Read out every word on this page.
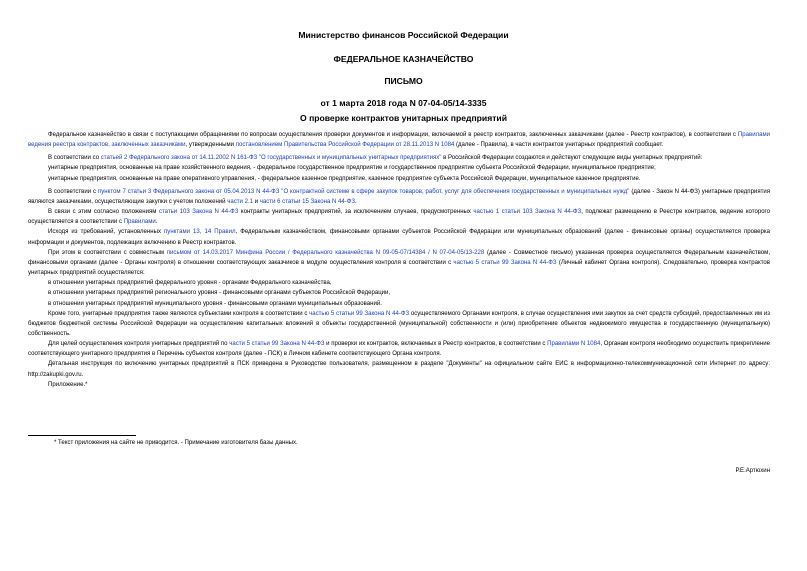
Министерство финансов Российской Федерации
ФЕДЕРАЛЬНОЕ КАЗНАЧЕЙСТВО
ПИСЬМО
от 1 марта 2018 года N 07-04-05/14-3335
О проверке контрактов унитарных предприятий

Федеральное казначейство в связи с поступающими обращениями по вопросам осуществления проверки документов и информации, включаемой в реестр контрактов, заключенных заказчиками (далее - Реестр контрактов), в соответствии с Правилами ведения реестра контрактов, заключенных заказчиками, утвержденными постановлением Правительства Российской Федерации от 28.11.2013 N 1084 (далее - Правила), в части контрактов унитарных предприятий сообщает.

В соответствии со статьей 2 Федерального закона от 14.11.2002 N 161-ФЗ "О государственных и муниципальных унитарных предприятиях" в Российской Федерации создаются и действуют следующие виды унитарных предприятий:

унитарные предприятия, основанные на праве хозяйственного ведения, - федеральное государственное предприятие и государственное предприятие субъекта Российской Федерации, муниципальное предприятие;

унитарные предприятия, основанные на праве оперативного управления, - федеральное казенное предприятие, казенное предприятие субъекта Российской Федерации, муниципальное казенное предприятие.

В соответствии с пунктом 7 статьи 3 Федерального закона от 05.04.2013 N 44-ФЗ "О контрактной системе в сфере закупок товаров, работ, услуг для обеспечения государственных и муниципальных нужд" (далее - Закон N 44-ФЗ) унитарные предприятия являются заказчиками, осуществляющие закупки с учетом положений части 2.1 и части 6 статьи 15 Закона N 44-ФЗ.

В связи с этим согласно положениям статьи 103 Закона N 44-ФЗ контракты унитарных предприятий, за исключением случаев, предусмотренных частью 1 статьи 103 Закона N 44-ФЗ, подлежат размещению в Реестре контрактов, ведение которого осуществляется в соответствии с Правилами.

Исходя из требований, установленных пунктами 13, 14 Правил, Федеральным казначейством, финансовыми органами субъектов Российской Федерации или муниципальных образований (далее - финансовые органы) осуществляется проверка информации и документов, подлежащих включению в Реестр контрактов.

При этом в соответствии с совместным письмом от 14.03.2017 Минфина России / Федерального казначейства N 09-05-07/14384 / N 07-04-05/13-228 (далее - Совместное письмо) указанная проверка осуществляется Федеральным казначейством, финансовыми органами (далее - Органы контроля) в отношении соответствующих заказчиков в модуле осуществления контроля в соответствии с частью 5 статьи 99 Закона N 44-ФЗ (Личный кабинет Органа контроля). Следовательно, проверка контрактов унитарных предприятий осуществляется:

в отношении унитарных предприятий федерального уровня - органами Федерального казначейства,

в отношении унитарных предприятий регионального уровня - финансовыми органами субъектов Российской Федерации,

в отношении унитарных предприятий муниципального уровня - финансовыми органами муниципальных образований.

Кроме того, унитарные предприятия также являются субъектами контроля в соответствии с частью 5 статьи 99 Закона N 44-ФЗ осуществляемого Органами контроля, в случае осуществления ими закупок за счет средств субсидий, предоставленных им из бюджетов бюджетной системы Российской Федерации на осуществление капитальных вложений в объекты государственной (муниципальной) собственности и (или) приобретение объектов недвижимого имущества в государственную (муниципальную) собственность.

Для целей осуществления контроля унитарных предприятий по части 5 статьи 99 Закона N 44-ФЗ и проверки их контрактов, включаемых в Реестр контрактов, в соответствии с Правилами N 1084, Органам контроля необходимо осуществить прикрепление соответствующего унитарного предприятия в Перечень субъектов контроля (далее - ПСК) в Личном кабинете соответствующего Органа контроля.

Детальная инструкция по включению унитарных предприятий в ПСК приведена в Руководстве пользователя, размещенном в разделе "Документы" на официальном сайте ЕИС в информационно-телекоммуникационной сети Интернет по адресу: http://zakupki.gov.ru.

Приложение.*

* Текст приложения на сайте не приводится. - Примечание изготовителя базы данных.
Р.Е.Артюхин
